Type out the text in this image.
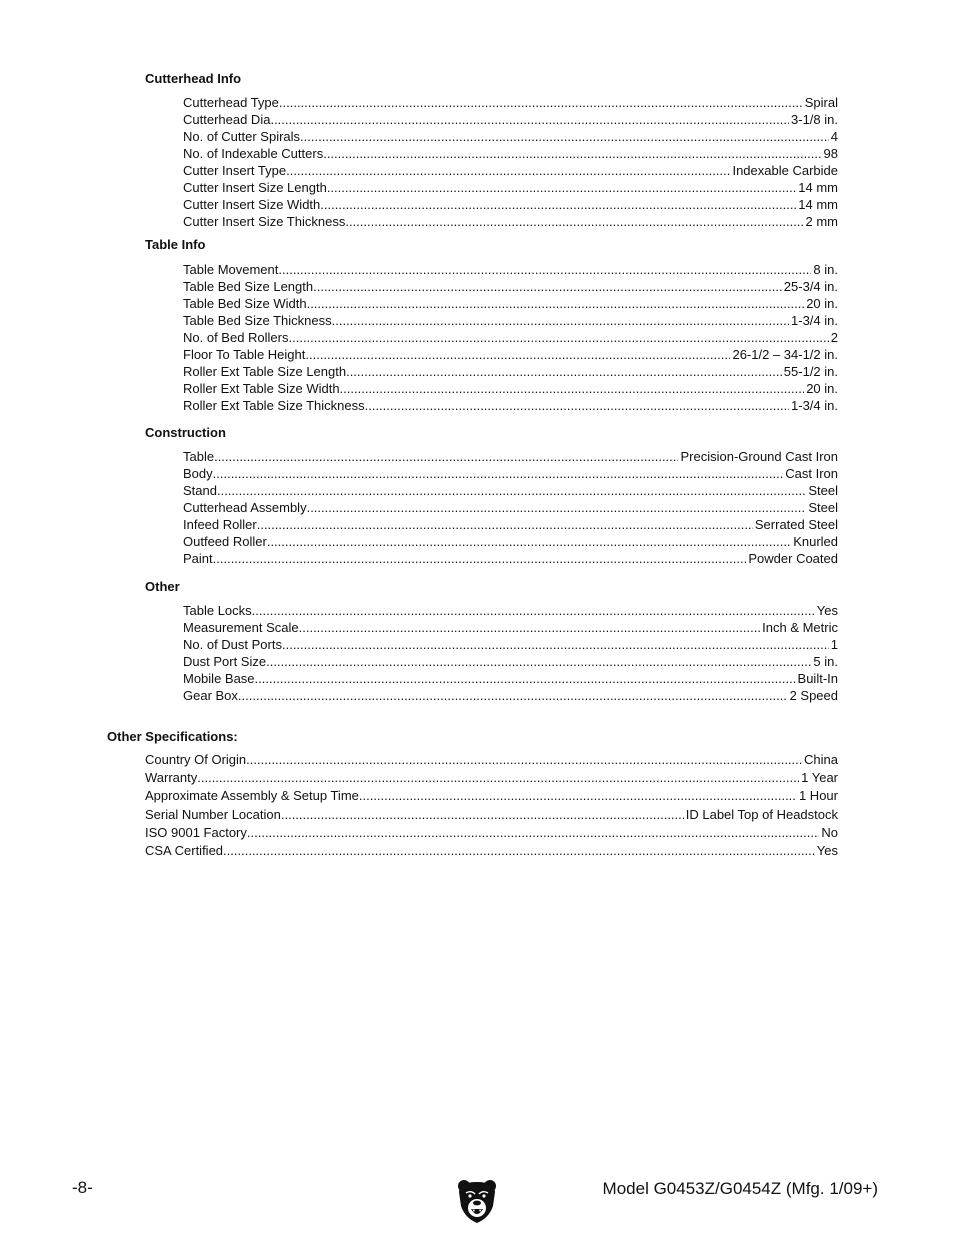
Cutterhead Info
Cutterhead Type .....	Spiral
Cutterhead Dia .....	3-1/8 in.
No. of Cutter Spirals .....	4
No. of Indexable Cutters .....	98
Cutter Insert Type .....	Indexable Carbide
Cutter Insert Size Length .....	14 mm
Cutter Insert Size Width .....	14 mm
Cutter Insert Size Thickness .....	2 mm
Table Info
Table Movement .....	8 in.
Table Bed Size Length .....	25-3/4 in.
Table Bed Size Width .....	20 in.
Table Bed Size Thickness .....	1-3/4 in.
No. of Bed Rollers .....	2
Floor To Table Height .....	26-1/2 – 34-1/2 in.
Roller Ext Table Size Length .....	55-1/2 in.
Roller Ext Table Size Width .....	20 in.
Roller Ext Table Size Thickness .....	1-3/4 in.
Construction
Table .....	Precision-Ground Cast Iron
Body .....	Cast Iron
Stand .....	Steel
Cutterhead Assembly .....	Steel
Infeed Roller .....	Serrated Steel
Outfeed Roller .....	Knurled
Paint .....	Powder Coated
Other
Table Locks .....	Yes
Measurement Scale .....	Inch & Metric
No. of Dust Ports .....	1
Dust Port Size .....	5 in.
Mobile Base .....	Built-In
Gear Box .....	2 Speed
Other Specifications:
Country Of Origin .....	China
Warranty .....	1 Year
Approximate Assembly & Setup Time .....	1 Hour
Serial Number Location .....	ID Label Top of Headstock
ISO 9001 Factory .....	No
CSA Certified .....	Yes
-8-	Model G0453Z/G0454Z (Mfg. 1/09+)
